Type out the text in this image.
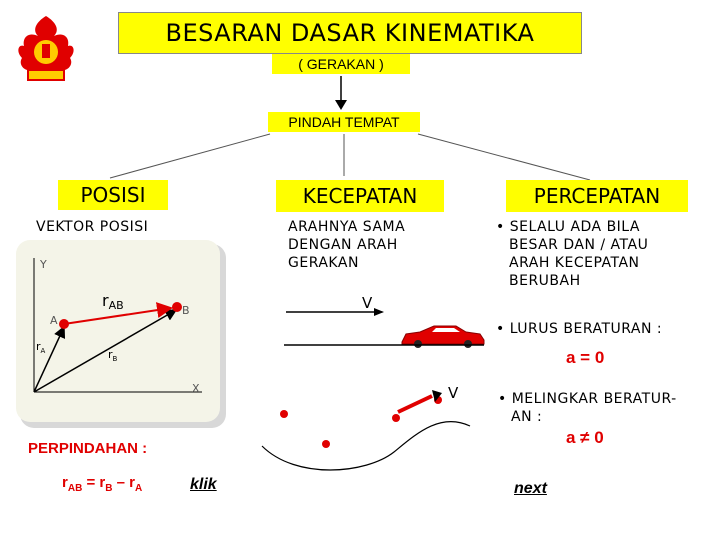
BESARAN DASAR KINEMATIKA
( GERAKAN )
PINDAH TEMPAT
POSISI	KECEPATAN	PERCEPATAN
VEKTOR POSISI	ARAHNYA SAMA
DENGAN ARAH
GERAKAN
• SELALU ADA BILA
BESAR DAN / ATAU
ARAH KECEPATAN
BERUBAH
• LURUS BERATURAN :
a = 0
• MELINGKAR BERATUR-
AN :
a ≠ 0
Y
X
A
B
$r_A$	$r_B$
rAB	V
V
PERPINDAHAN :
$r_{AB} = r_B - r_A$	klik	next
